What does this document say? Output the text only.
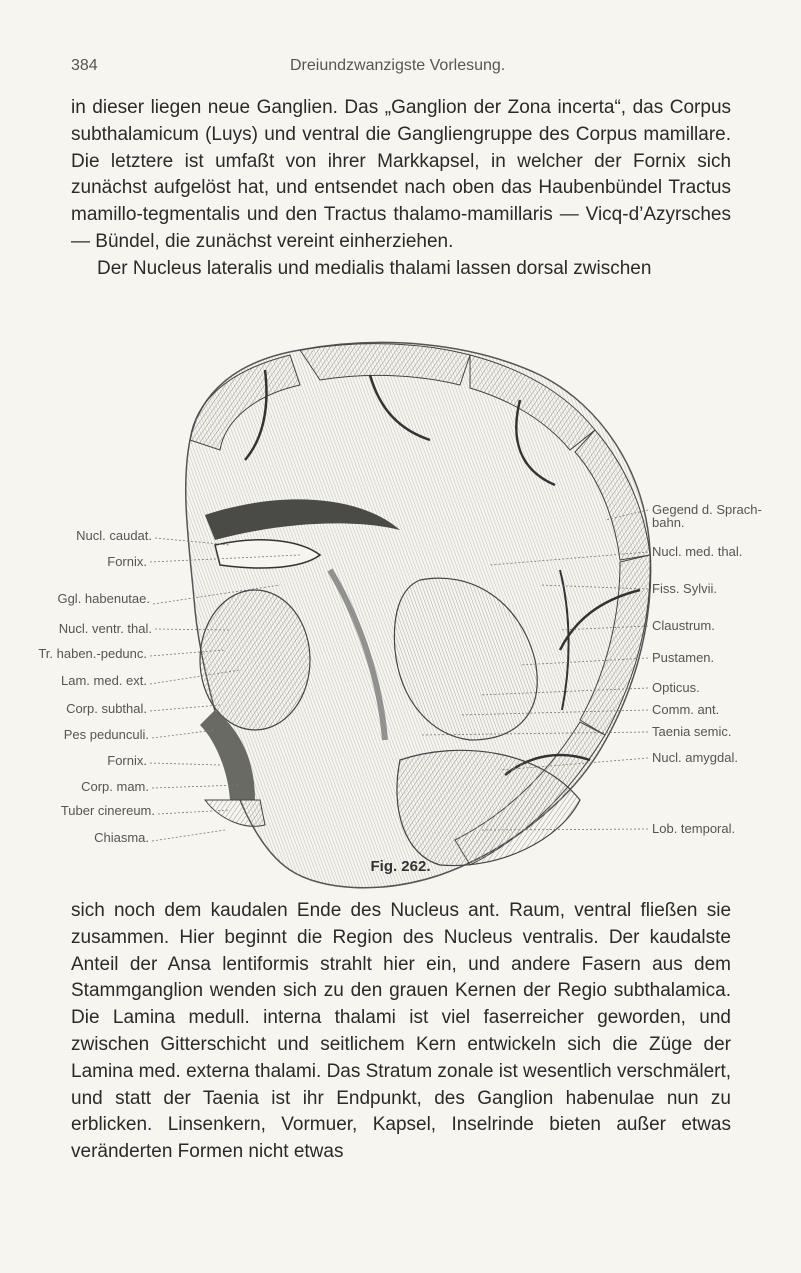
384	Dreiundzwanzigste Vorlesung.

in dieser liegen neue Ganglien. Das „Ganglion der Zona incerta“, das Corpus subthalamicum (Luys) und ventral die Gangliengruppe des Corpus mamillare. Die letztere ist umfaßt von ihrer Markkapsel, in welcher der Fornix sich zunächst aufgelöst hat, und entsendet nach oben das Haubenbündel Tractus mamillo-tegmentalis und den Tractus thalamo-mamillaris — Vicq-d’Azyrsches — Bündel, die zunächst vereint einherziehen.
Der Nucleus lateralis und medialis thalami lassen dorsal zwischen

Nucl. caudat.
Fornix.
Ggl. habenutae.
Nucl. ventr. thal.
Tr. haben.-pedunc.
Lam. med. ext.
Corp. subthal.
Pes pedunculi.
Fornix.
Corp. mam.
Tuber cinereum.
Chiasma.
Gegend d. Sprach-
bahn.
Nucl. med. thal.
Fiss. Sylvii.
Claustrum.
Pustamen.
Opticus.
Comm. ant.
Taenia semic.
Nucl. amygdal.
Lob. temporal.
Fig. 262.

sich noch dem kaudalen Ende des Nucleus ant. Raum, ventral fließen sie zusammen. Hier beginnt die Region des Nucleus ventralis. Der kaudalste Anteil der Ansa lentiformis strahlt hier ein, und andere Fasern aus dem Stammganglion wenden sich zu den grauen Kernen der Regio subthalamica. Die Lamina medull. interna thalami ist viel faserreicher geworden, und zwischen Gitterschicht und seitlichem Kern entwickeln sich die Züge der Lamina med. externa thalami. Das Stratum zonale ist wesentlich verschmälert, und statt der Taenia ist ihr Endpunkt, des Ganglion habenulae nun zu erblicken. Linsenkern, Vormuer, Kapsel, Inselrinde bieten außer etwas veränderten Formen nicht etwas
